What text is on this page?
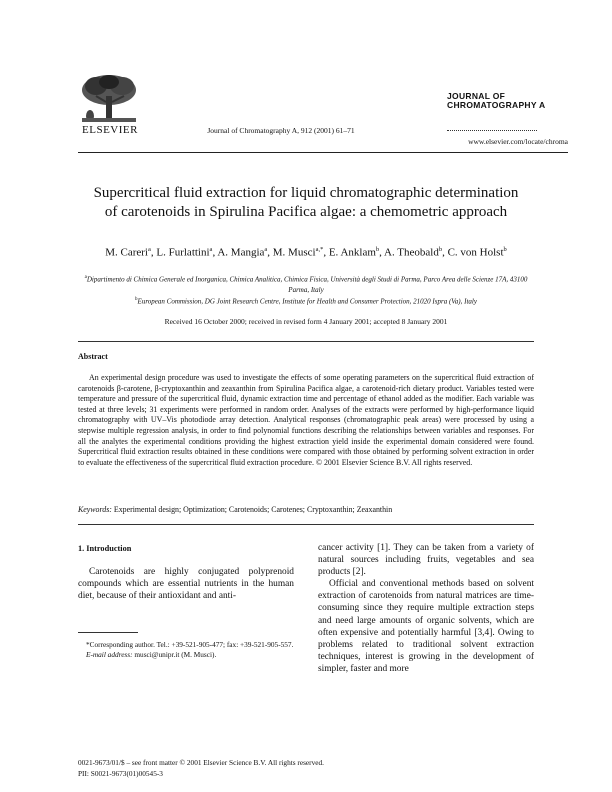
ELSEVIER	Journal of Chromatography A, 912 (2001) 61–71
JOURNAL OF
CHROMATOGRAPHY A
www.elsevier.com/locate/chroma
Supercritical fluid extraction for liquid chromatographic determination of carotenoids in Spirulina Pacifica algae: a chemometric approach
M. Careri$^a$, L. Furlattini$^a$, A. Mangia$^a$, M. Musci$^{a,*}$, E. Anklam$^b$, A. Theobald$^b$, C. von Holst$^b$
$^a$Dipartimento di Chimica Generale ed Inorganica, Chimica Analitica, Chimica Fisica, Università degli Studi di Parma, Parco Area delle Scienze 17A, 43100 Parma, Italy
$^b$European Commission, DG Joint Research Centre, Institute for Health and Consumer Protection, 21020 Ispra (Va), Italy
Received 16 October 2000; received in revised form 4 January 2001; accepted 8 January 2001
Abstract
An experimental design procedure was used to investigate the effects of some operating parameters on the supercritical fluid extraction of carotenoids β-carotene, β-cryptoxanthin and zeaxanthin from Spirulina Pacifica algae, a carotenoid-rich dietary product. Variables tested were temperature and pressure of the supercritical fluid, dynamic extraction time and percentage of ethanol added as the modifier. Each variable was tested at three levels; 31 experiments were performed in random order. Analyses of the extracts were performed by high-performance liquid chromatography with UV–Vis photodiode array detection. Analytical responses (chromatographic peak areas) were processed by using a stepwise multiple regression analysis, in order to find polynomial functions describing the relationships between variables and responses. For all the analytes the experimental conditions providing the highest extraction yield inside the experimental domain considered were found. Supercritical fluid extraction results obtained in these conditions were compared with those obtained by performing solvent extraction in order to evaluate the effectiveness of the supercritical fluid extraction procedure. © 2001 Elsevier Science B.V. All rights reserved.
Keywords: Experimental design; Optimization; Carotenoids; Carotenes; Cryptoxanthin; Zeaxanthin
1. Introduction
Carotenoids are highly conjugated polyprenoid compounds which are essential nutrients in the human diet, because of their antioxidant and anti-

cancer activity [1]. They can be taken from a variety of natural sources including fruits, vegetables and sea products [2].

Official and conventional methods based on solvent extraction of carotenoids from natural matrices are time-consuming since they require multiple extraction steps and need large amounts of organic solvents, which are often expensive and potentially harmful [3,4]. Owing to problems related to traditional solvent extraction techniques, interest is growing in the development of simpler, faster and more

*Corresponding author. Tel.: +39-521-905-477; fax: +39-521-905-557.
E-mail address: musci@unipr.it (M. Musci).
0021-9673/01/$ – see front matter © 2001 Elsevier Science B.V. All rights reserved.
PII: S0021-9673(01)00545-3
